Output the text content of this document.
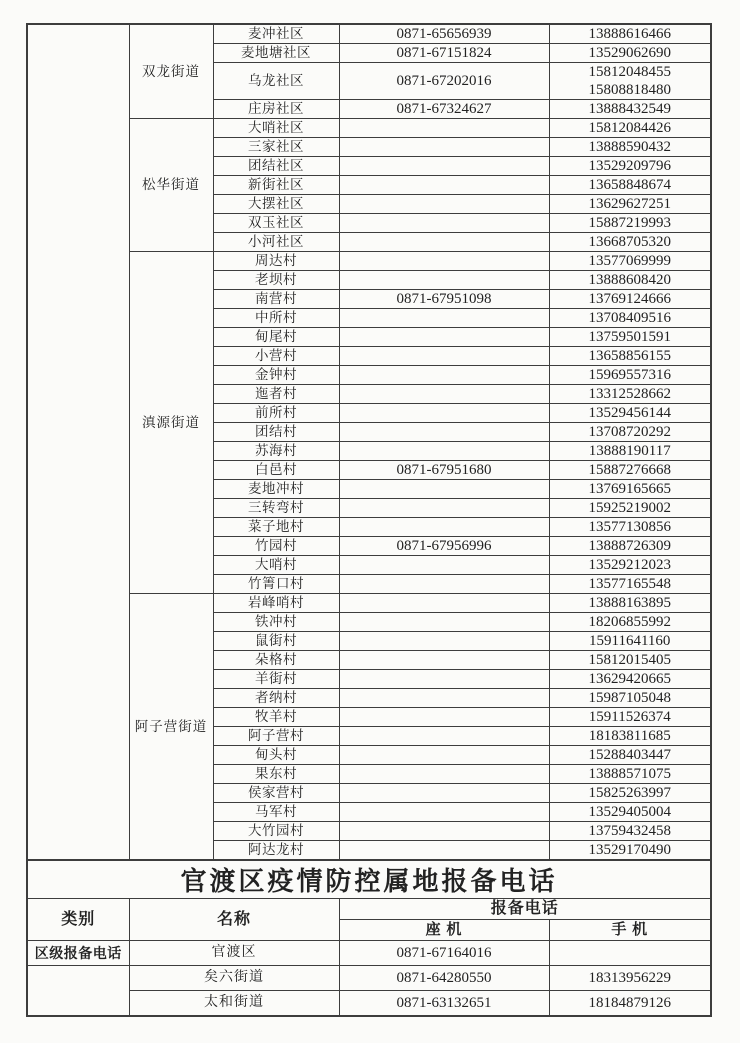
	双龙街道	麦冲社区	0871-65656939	13888616466

		麦地塘社区	0871-67151824	13529062690

		乌龙社区	0871-67202016	15812048455
15808818480

		庄房社区	0871-67324627	13888432549

	松华街道	大哨社区		15812084426

		三家社区		13888590432

		团结社区		13529209796

		新街社区		13658848674

		大摆社区		13629627251

		双玉社区		15887219993

		小河社区		13668705320

	滇源街道	周达村		13577069999

		老坝村		13888608420

		南营村	0871-67951098	13769124666

		中所村		13708409516

		甸尾村		13759501591

		小营村		13658856155

		金钟村		15969557316

		迤者村		13312528662

		前所村		13529456144

		团结村		13708720292

		苏海村		13888190117

		白邑村	0871-67951680	15887276668

		麦地冲村		13769165665

		三转弯村		15925219002

		菜子地村		13577130856

		竹园村	0871-67956996	13888726309

		大哨村		13529212023

		竹箐口村		13577165548

	阿子营街道	岩峰哨村		13888163895

		铁冲村		18206855992

		鼠街村		15911641160

		朵格村		15812015405

		羊街村		13629420665

		者纳村		15987105048

		牧羊村		15911526374

		阿子营村		18183811685

		甸头村		15288403447

		果东村		13888571075

		侯家营村		15825263997

		马军村		13529405004

		大竹园村		13759432458

		阿达龙村		13529170490
官渡区疫情防控属地报备电话			
类别	名称	报备电话	
		座 机	手 机
区级报备电话	官渡区	0871-67164016	
	矣六街道	0871-64280550	18313956229
	太和街道	0871-63132651	18184879126
